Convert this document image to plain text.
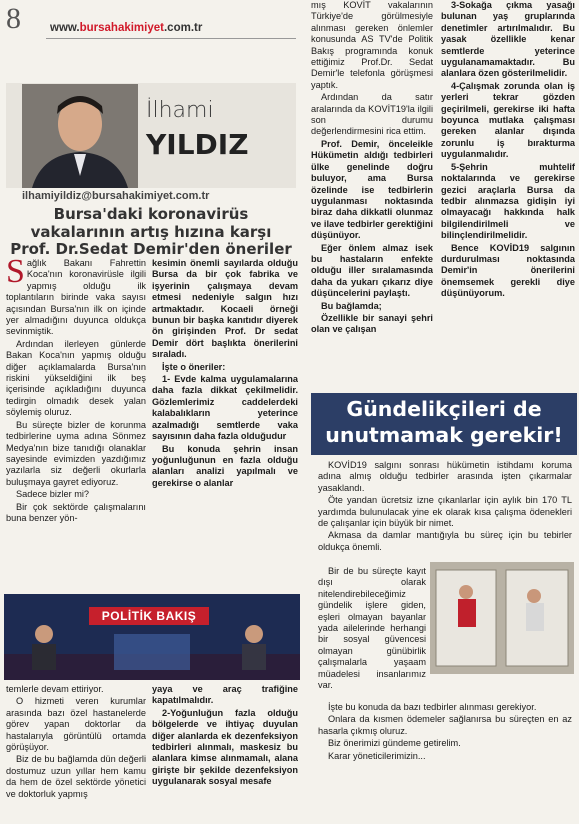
8	www.bursahakimiyet.com.tr
İlhami
YILDIZ
ilhamiyildiz@bursahakimiyet.com.tr
Bursa'daki koronavirüs
vakalarının artış hızına karşı
Prof. Dr.Sedat Demir'den öneriler

Sağlık Bakanı Fahrettin Koca'nın koronavirüsle ilgili yapmış olduğu ilk toplantıların birinde vaka sayısı açısından Bursa'nın ilk on içinde yer almadığını duyunca oldukça sevinmiştik.

Ardından ilerleyen günlerde Bakan Koca'nın yapmış olduğu diğer açıklamalarda Bursa'nın riskini yükseldiğini ilk beş içerisinde açıkladığını duyunca tedirgin olmadık desek yalan söylemiş oluruz.

Bu süreçte bizler de korunma tedbirlerine uyma adına Sönmez Medya'nın bize tanıdığı olanaklar sayesinde evimizden yazdığımız yazılarla siz değerli okurlarla buluşmaya gayret ediyoruz.

Sadece bizler mi?

Bir çok sektörde çalışmalarını buna benzer yön-

kesimin önemli sayılarda olduğu Bursa da bir çok fabrika ve işyerinin çalışmaya devam etmesi nedeniyle salgın hızı artmaktadır. Kocaeli örneği bunun bir başka kanıtıdır diyerek ön girişinden Prof. Dr sedat Demir dört başlıkta önerilerini sıraladı.

İşte o öneriler:

1- Evde kalma uygulamalarına daha fazla dikkat çekilmelidir. Gözlemlerimiz caddelerdeki kalabalıkların yeterince azalmadığı semtlerde vaka sayısının daha fazla olduğudur

Bu konuda şehrin insan yoğunluğunun en fazla olduğu alanları analizi yapılmalı ve gerekirse o alanlar

POLİTİK BAKIŞ

temlerle devam ettiriyor.

O hizmeti veren kurumlar arasında bazı özel hastanelerde görev yapan doktorlar da hastalarıyla görüntülü ortamda görüşüyor.

Biz de bu bağlamda dün değerli dostumuz uzun yıllar hem kamu da hem de özel sektörde yönetici ve doktorluk yapmış

yaya ve araç trafiğine kapatılmalıdır.

2-Yoğunluğun fazla olduğu bölgelerde ve ihtiyaç duyulan diğer alanlarda ek dezenfeksiyon tedbirleri alınmalı, maskesiz bu alanlara kimse alınmamalı, alana girişte bir şekilde dezenfeksiyon uygulanarak sosyal mesafe

mış KOVİT vakalarının Türkiye'de görülmesiyle alınması gereken önlemler konusunda AS TV'de Politik Bakış programında konuk ettiğimiz Prof.Dr. Sedat Demir'le telefonla görüşmesi yaptık.

Ardından da satır aralarında da KOVİT19'la ilgili son durumu değerlendirmesini rica ettim.

Prof. Demir, önceleikle Hükümetin aldığı tedbirleri ülke genelinde doğru buluyor, ama Bursa özelinde ise tedbirlerin uygulanması noktasında biraz daha dikkatli olunmaz ve ilave tedbirler gerektiğini düşünüyor.

Eğer önlem almaz isek bu hastaların enfekte olduğu iller sıralamasında daha da yukarı çıkarız diye düşüncelerini paylaştı.

Bu bağlamda;

Özellikle bir sanayi şehri olan ve çalışan

3-Sokağa çıkma yasağı bulunan yaş gruplarında denetimler artırılmalıdır. Bu yasak özellikle kenar semtlerde yeterince uygulanamamaktadır. Bu alanlara özen gösterilmelidir.

4-Çalışmak zorunda olan iş yerleri tekrar gözden geçirilmeli, gerekirse iki hafta boyunca mutlaka çalışması gereken alanlar dışında zorunlu iş bırakturma uygulanmalıdır.

5-Şehrin muhtelif noktalarında ve gerekirse gezici araçlarla Bursa da tedbir alınmazsa gidişin iyi olmayacağı hakkında halk bilgilendirilmeli ve bilinçlendirilmelidir.

Bence KOVİD19 salgının durdurulması noktasında Demir'in önerilerini önemsemek gerekli diye düşünüyorum.

Gündelikçileri de
unutmamak gerekir!

KOVİD19 salgını sonrası hükümetin istihdamı koruma adına almış olduğu tedbirler arasında işten çıkarmalar yasaklandı.

Öte yandan ücretsiz izne çıkanlarlar için aylık bin 170 TL yardımda bulunulacak yine ek olarak kısa çalışma ödenekleri de çalışanlar için büyük bir nimet.

Akmasa da damlar mantığıyla bu süreç için bu tebirler oldukça önemli.

Bir de bu süreçte kayıt dışı olarak nitelendirebileceğimiz gündelik işlere giden, eşleri olmayan bayanlar yada ailelerinde herhangi bir sosyal güvencesi olmayan günübirlik çalışmalarla yaşaam müadelesi insanlarımız var.

İşte bu konuda da bazı tedbirler alınması gerekiyor.

Onlara da kısmen ödemeler sağlanırsa bu süreçten en az hasarla çıkmış oluruz.

Biz önerimizi gündeme getirelim.

Karar yöneticilerimizin...
